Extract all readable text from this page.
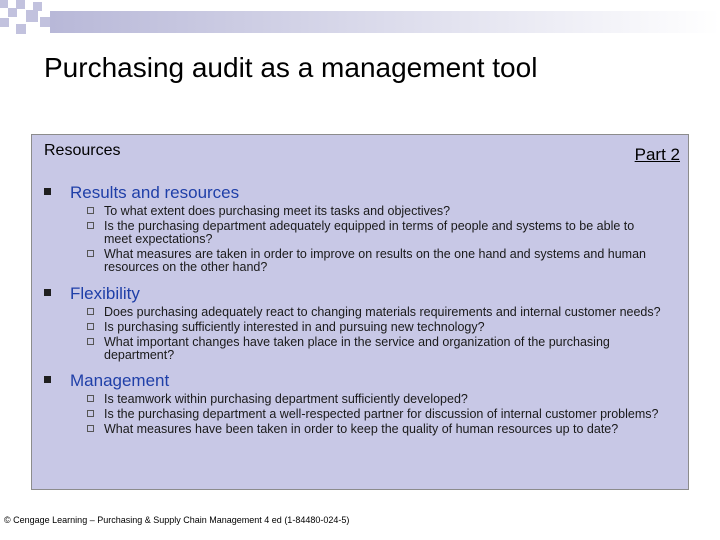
Purchasing audit as a management tool
Resources	Part 2
Results and resources
To what extent does purchasing meet its tasks and objectives?
Is the purchasing department adequately equipped in terms of people and systems to be able to meet expectations?
What measures are taken in order to improve on results on the one hand and systems and human resources on the other hand?
Flexibility
Does purchasing adequately react to changing materials requirements and internal customer needs?
Is purchasing sufficiently interested in and pursuing new technology?
What important changes have taken place in the service and organization of the purchasing department?
Management
Is teamwork within purchasing department sufficiently developed?
Is the purchasing department a well-respected partner for discussion of internal customer problems?
What measures have been taken in order to keep the quality of human resources up to date?
© Cengage Learning – Purchasing & Supply Chain Management 4 ed (1-84480-024-5)
